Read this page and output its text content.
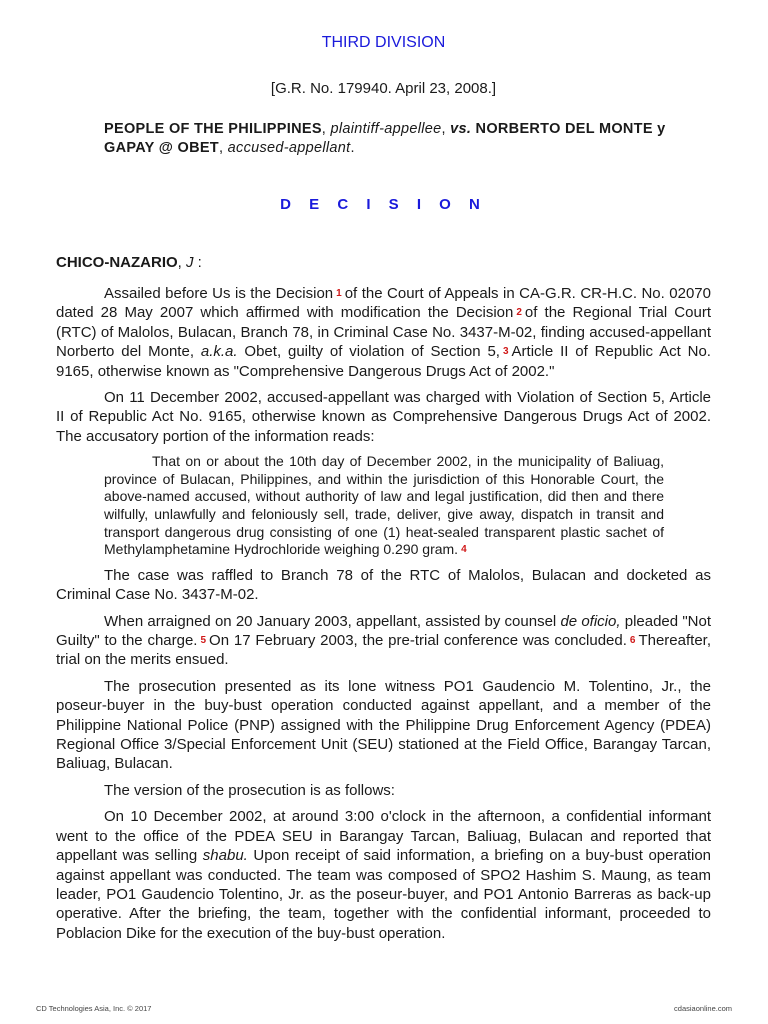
THIRD DIVISION
[G.R. No. 179940. April 23, 2008.]
PEOPLE OF THE PHILIPPINES, plaintiff-appellee, vs. NORBERTO DEL MONTE y GAPAY @ OBET, accused-appellant.
D E C I S I O N
CHICO-NAZARIO, J :

Assailed before Us is the Decision 1 of the Court of Appeals in CA-G.R. CR-H.C. No. 02070 dated 28 May 2007 which affirmed with modification the Decision 2 of the Regional Trial Court (RTC) of Malolos, Bulacan, Branch 78, in Criminal Case No. 3437-M-02, finding accused-appellant Norberto del Monte, a.k.a. Obet, guilty of violation of Section 5, 3 Article II of Republic Act No. 9165, otherwise known as "Comprehensive Dangerous Drugs Act of 2002."

On 11 December 2002, accused-appellant was charged with Violation of Section 5, Article II of Republic Act No. 9165, otherwise known as Comprehensive Dangerous Drugs Act of 2002. The accusatory portion of the information reads:

That on or about the 10th day of December 2002, in the municipality of Baliuag, province of Bulacan, Philippines, and within the jurisdiction of this Honorable Court, the above-named accused, without authority of law and legal justification, did then and there wilfully, unlawfully and feloniously sell, trade, deliver, give away, dispatch in transit and transport dangerous drug consisting of one (1) heat-sealed transparent plastic sachet of Methylamphetamine Hydrochloride weighing 0.290 gram. 4

The case was raffled to Branch 78 of the RTC of Malolos, Bulacan and docketed as Criminal Case No. 3437-M-02.

When arraigned on 20 January 2003, appellant, assisted by counsel de oficio, pleaded "Not Guilty" to the charge. 5 On 17 February 2003, the pre-trial conference was concluded. 6 Thereafter, trial on the merits ensued.

The prosecution presented as its lone witness PO1 Gaudencio M. Tolentino, Jr., the poseur-buyer in the buy-bust operation conducted against appellant, and a member of the Philippine National Police (PNP) assigned with the Philippine Drug Enforcement Agency (PDEA) Regional Office 3/Special Enforcement Unit (SEU) stationed at the Field Office, Barangay Tarcan, Baliuag, Bulacan.

The version of the prosecution is as follows:

On 10 December 2002, at around 3:00 o'clock in the afternoon, a confidential informant went to the office of the PDEA SEU in Barangay Tarcan, Baliuag, Bulacan and reported that appellant was selling shabu. Upon receipt of said information, a briefing on a buy-bust operation against appellant was conducted. The team was composed of SPO2 Hashim S. Maung, as team leader, PO1 Gaudencio Tolentino, Jr. as the poseur-buyer, and PO1 Antonio Barreras as back-up operative. After the briefing, the team, together with the confidential informant, proceeded to Poblacion Dike for the execution of the buy-bust operation.

CD Technologies Asia, Inc. © 2017	cdasiaonline.com
